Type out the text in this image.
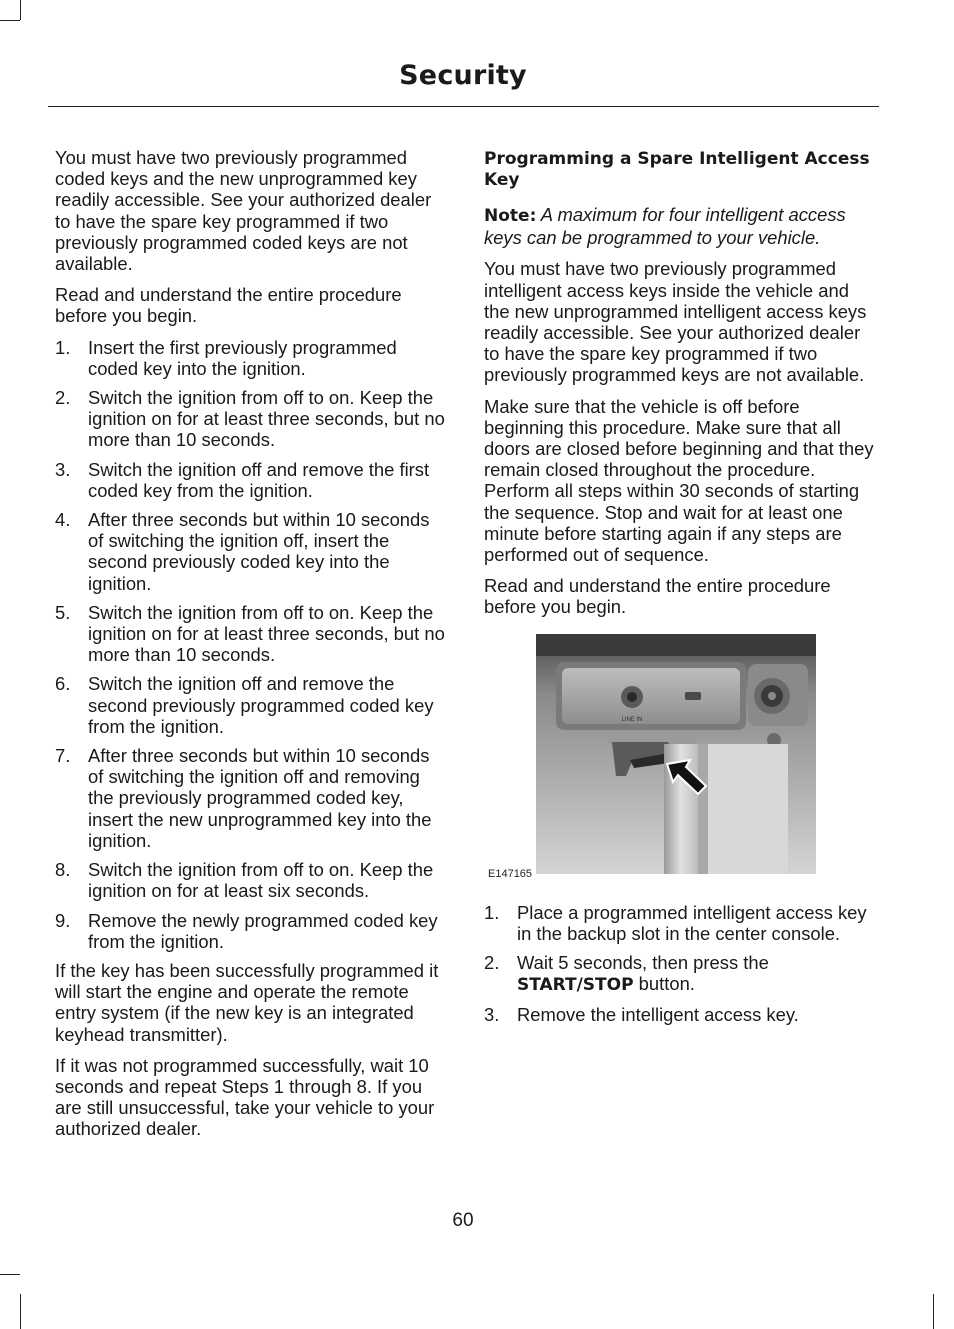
Security

You must have two previously programmed coded keys and the new unprogrammed key readily accessible. See your authorized dealer to have the spare key programmed if two previously programmed coded keys are not available.

Read and understand the entire procedure before you begin.

1. Insert the first previously programmed coded key into the ignition.
2. Switch the ignition from off to on. Keep the ignition on for at least three seconds, but no more than 10 seconds.
3. Switch the ignition off and remove the first coded key from the ignition.
4. After three seconds but within 10 seconds of switching the ignition off, insert the second previously coded key into the ignition.
5. Switch the ignition from off to on. Keep the ignition on for at least three seconds, but no more than 10 seconds.
6. Switch the ignition off and remove the second previously programmed coded key from the ignition.
7. After three seconds but within 10 seconds of switching the ignition off and removing the previously programmed coded key, insert the new unprogrammed key into the ignition.
8. Switch the ignition from off to on. Keep the ignition on for at least six seconds.
9. Remove the newly programmed coded key from the ignition.

If the key has been successfully programmed it will start the engine and operate the remote entry system (if the new key is an integrated keyhead transmitter).

If it was not programmed successfully, wait 10 seconds and repeat Steps 1 through 8. If you are still unsuccessful, take your vehicle to your authorized dealer.

Programming a Spare Intelligent Access Key

Note: A maximum for four intelligent access keys can be programmed to your vehicle.

You must have two previously programmed intelligent access keys inside the vehicle and the new unprogrammed intelligent access keys readily accessible. See your authorized dealer to have the spare key programmed if two previously programmed keys are not available.

Make sure that the vehicle is off before beginning this procedure. Make sure that all doors are closed before beginning and that they remain closed throughout the procedure. Perform all steps within 30 seconds of starting the sequence. Stop and wait for at least one minute before starting again if any steps are performed out of sequence.

Read and understand the entire procedure before you begin.

LINE IN
E147165
1. Place a programmed intelligent access key in the backup slot in the center console.
2. Wait 5 seconds, then press the START/STOP button.
3. Remove the intelligent access key.
60
